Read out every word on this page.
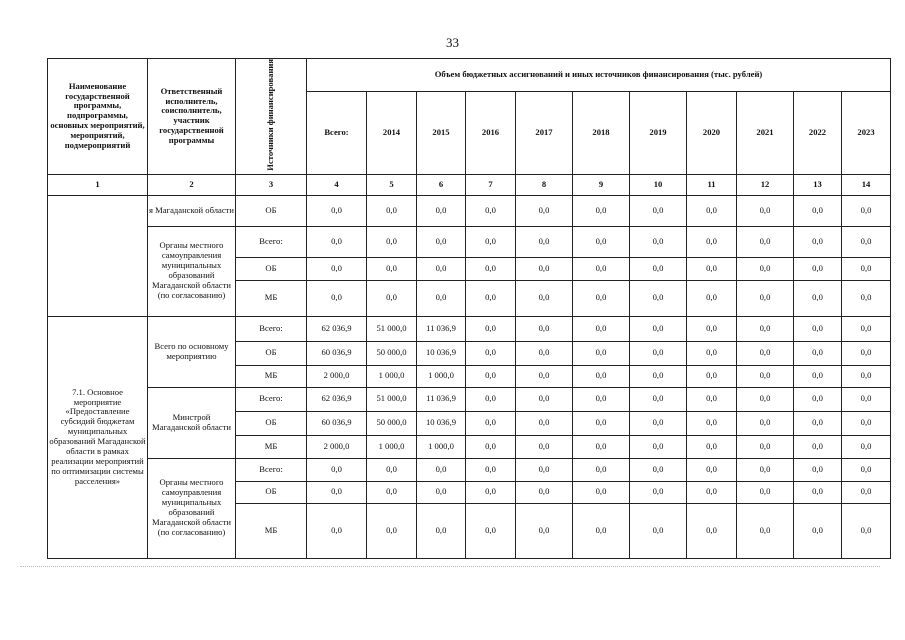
33
Наименование государственной программы, подпрограммы, основных мероприятий, мероприятий, подмероприятий	Ответственный исполнитель, соисполнитель, участник государственной программы	Источники финансирования	Объем бюджетных ассигнований и иных источников финансирования (тыс. рублей)										
			Всего:	2014	2015	2016	2017	2018	2019	2020	2021	2022	2023
1	2	3	4	5	6	7	8	9	10	11	12	13	14
	я Магаданской области	ОБ	0,0	0,0	0,0	0,0	0,0	0,0	0,0	0,0	0,0	0,0	0,0
	Органы местного самоуправления муниципальных образований Магаданской области (по согласованию)	Всего:	0,0	0,0	0,0	0,0	0,0	0,0	0,0	0,0	0,0	0,0	0,0
		ОБ	0,0	0,0	0,0	0,0	0,0	0,0	0,0	0,0	0,0	0,0	0,0
		МБ	0,0	0,0	0,0	0,0	0,0	0,0	0,0	0,0	0,0	0,0	0,0
7.1. Основное мероприятие «Предоставление субсидий бюджетам муниципальных образований Магаданской области в рамках реализации мероприятий по оптимизации системы расселения»	Всего по основному мероприятию	Всего:	62 036,9	51 000,0	11 036,9	0,0	0,0	0,0	0,0	0,0	0,0	0,0	0,0
		ОБ	60 036,9	50 000,0	10 036,9	0,0	0,0	0,0	0,0	0,0	0,0	0,0	0,0
		МБ	2 000,0	1 000,0	1 000,0	0,0	0,0	0,0	0,0	0,0	0,0	0,0	0,0
	Минстрой Магаданской области	Всего:	62 036,9	51 000,0	11 036,9	0,0	0,0	0,0	0,0	0,0	0,0	0,0	0,0
		ОБ	60 036,9	50 000,0	10 036,9	0,0	0,0	0,0	0,0	0,0	0,0	0,0	0,0
		МБ	2 000,0	1 000,0	1 000,0	0,0	0,0	0,0	0,0	0,0	0,0	0,0	0,0
	Органы местного самоуправления муниципальных образований Магаданской области (по согласованию)	Всего:	0,0	0,0	0,0	0,0	0,0	0,0	0,0	0,0	0,0	0,0	0,0
		ОБ	0,0	0,0	0,0	0,0	0,0	0,0	0,0	0,0	0,0	0,0	0,0
		МБ	0,0	0,0	0,0	0,0	0,0	0,0	0,0	0,0	0,0	0,0	0,0
